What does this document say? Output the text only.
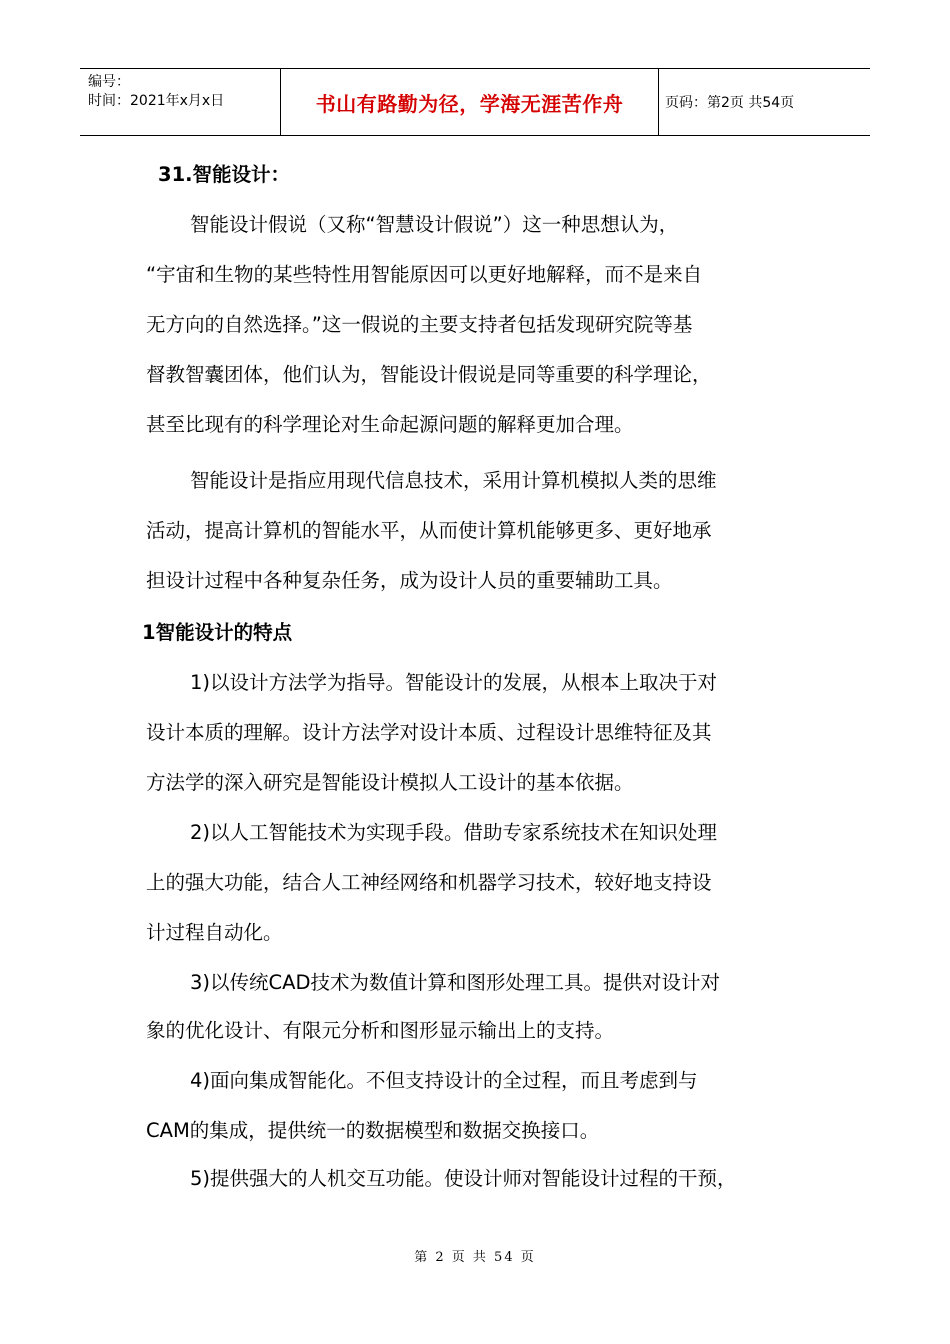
编号：
时间：2021年x月x日	书山有路勤为径，学海无涯苦作舟	页码：第2页 共54页
31.智能设计：
智能设计假说（又称“智慧设计假说”）这一种思想认为，
“宇宙和生物的某些特性用智能原因可以更好地解释，而不是来自
无方向的自然选择。”这一假说的主要支持者包括发现研究院等基
督教智囊团体，他们认为，智能设计假说是同等重要的科学理论，
甚至比现有的科学理论对生命起源问题的解释更加合理。
智能设计是指应用现代信息技术，采用计算机模拟人类的思维
活动，提高计算机的智能水平，从而使计算机能够更多、更好地承
担设计过程中各种复杂任务，成为设计人员的重要辅助工具。
1智能设计的特点
1)以设计方法学为指导。智能设计的发展，从根本上取决于对
设计本质的理解。设计方法学对设计本质、过程设计思维特征及其
方法学的深入研究是智能设计模拟人工设计的基本依据。
2)以人工智能技术为实现手段。借助专家系统技术在知识处理
上的强大功能，结合人工神经网络和机器学习技术，较好地支持设
计过程自动化。
3)以传统CAD技术为数值计算和图形处理工具。提供对设计对
象的优化设计、有限元分析和图形显示输出上的支持。
4)面向集成智能化。不但支持设计的全过程，而且考虑到与
CAM的集成，提供统一的数据模型和数据交换接口。
5)提供强大的人机交互功能。使设计师对智能设计过程的干预，
第 2 页 共 54 页
